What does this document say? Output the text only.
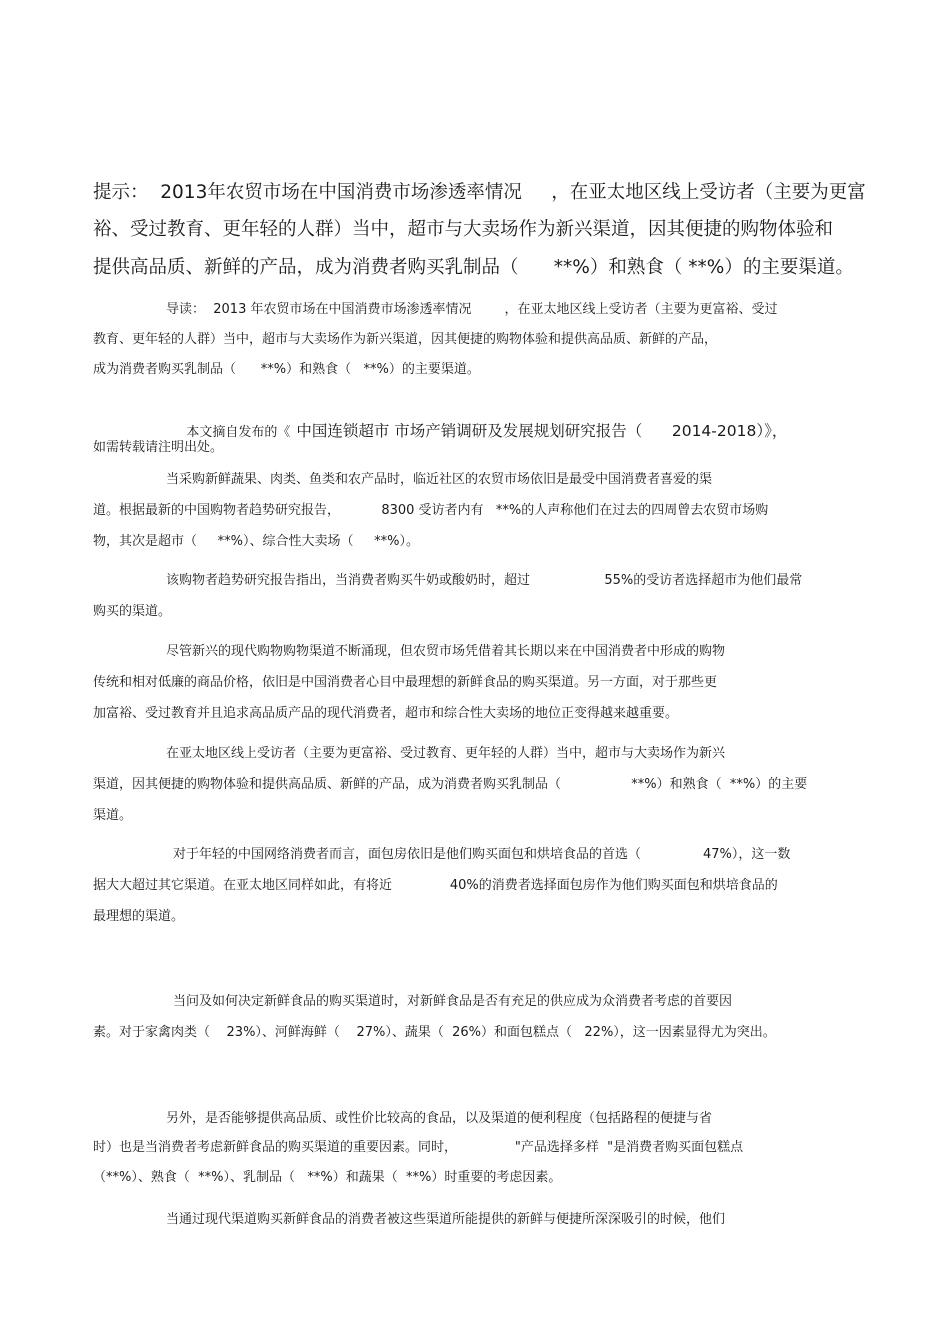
提示：  2013年农贸市场在中国消费市场渗透率情况     ，在亚太地区线上受访者（主要为更富
裕、受过教育、更年轻的人群）当中，超市与大卖场作为新兴渠道，因其便捷的购物体验和
提供高品质、新鲜的产品，成为消费者购买乳制品（      **%）和熟食（ **%）的主要渠道。
导读：  2013 年农贸市场在中国消费市场渗透率情况        ，在亚太地区线上受访者（主要为更富裕、受过
教育、更年轻的人群）当中，超市与大卖场作为新兴渠道，因其便捷的购物体验和提供高品质、新鲜的产品，
成为消费者购买乳制品（      **%）和熟食（   **%）的主要渠道。

本文摘自发布的《 中国连锁超市 市场产销调研及发展规划研究报告（      2014-2018）》，

如需转载请注明出处。
当采购新鲜蔬果、肉类、鱼类和农产品时，临近社区的农贸市场依旧是最受中国消费者喜爱的渠
道。根据最新的中国购物者趋势研究报告，          8300 受访者内有   **%的人声称他们在过去的四周曾去农贸市场购
物，其次是超市（     **%）、综合性大卖场（     **%）。
该购物者趋势研究报告指出，当消费者购买牛奶或酸奶时，超过                  55%的受访者选择超市为他们最常
购买的渠道。
尽管新兴的现代购物购物渠道不断涌现，但农贸市场凭借着其长期以来在中国消费者中形成的购物
传统和相对低廉的商品价格，依旧是中国消费者心目中最理想的新鲜食品的购买渠道。另一方面，对于那些更
加富裕、受过教育并且追求高品质产品的现代消费者，超市和综合性大卖场的地位正变得越来越重要。
在亚太地区线上受访者（主要为更富裕、受过教育、更年轻的人群）当中，超市与大卖场作为新兴
渠道，因其便捷的购物体验和提供高品质、新鲜的产品，成为消费者购买乳制品（                 **%）和熟食（  **%）的主要
渠道。
对于年轻的中国网络消费者而言，面包房依旧是他们购买面包和烘培食品的首选（               47%），这一数
据大大超过其它渠道。在亚太地区同样如此，有将近              40%的消费者选择面包房作为他们购买面包和烘培食品的
最理想的渠道。
当问及如何决定新鲜食品的购买渠道时，对新鲜食品是否有充足的供应成为众消费者考虑的首要因
素。对于家禽肉类（    23%）、河鲜海鲜（    27%）、蔬果（  26%）和面包糕点（   22%），这一因素显得尤为突出。
另外，是否能够提供高品质、或性价比较高的食品，以及渠道的便利程度（包括路程的便捷与省
时）也是当消费者考虑新鲜食品的购买渠道的重要因素。同时，              "产品选择多样  "是消费者购买面包糕点
（**%）、熟食（  **%）、乳制品（   **%）和蔬果（  **%）时重要的考虑因素。
当通过现代渠道购买新鲜食品的消费者被这些渠道所能提供的新鲜与便捷所深深吸引的时候，他们
